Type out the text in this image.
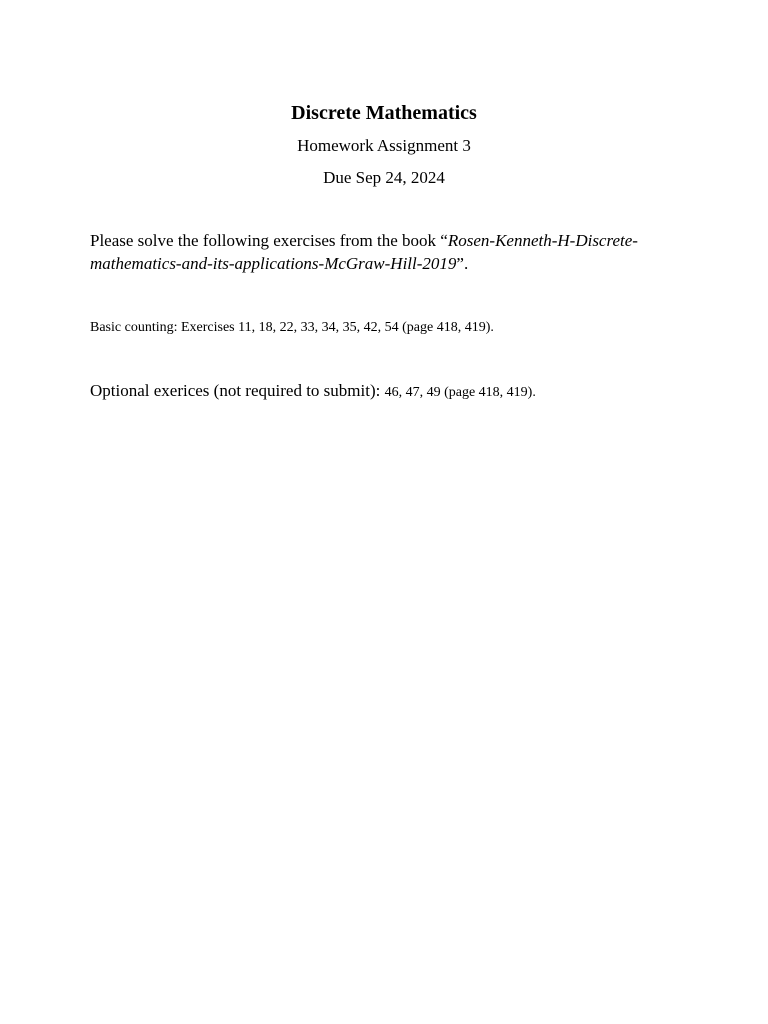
Discrete Mathematics
Homework Assignment 3
Due Sep 24, 2024
Please solve the following exercises from the book “Rosen-Kenneth-H-Discrete-mathematics-and-its-applications-McGraw-Hill-2019”.
Basic counting: Exercises 11, 18, 22, 33, 34, 35, 42, 54 (page 418, 419).
Optional exerices (not required to submit): 46, 47, 49 (page 418, 419).
